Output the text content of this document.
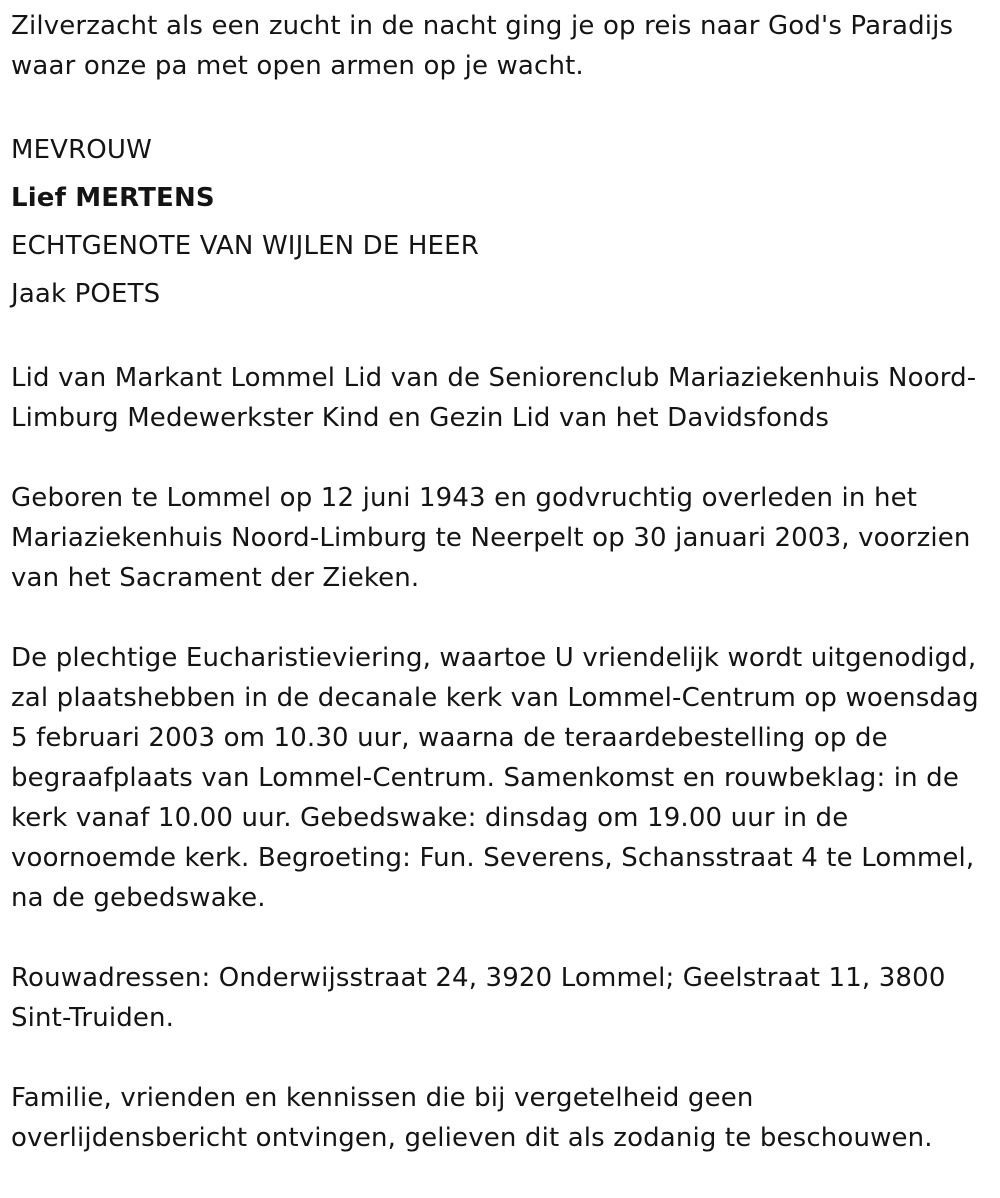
Zilverzacht als een zucht in de nacht ging je op reis naar God's Paradijs
waar onze pa met open armen op je wacht.

MEVROUW
Lief MERTENS
ECHTGENOTE VAN WIJLEN DE HEER
Jaak POETS

Lid van Markant Lommel Lid van de Seniorenclub Mariaziekenhuis Noord-
Limburg Medewerkster Kind en Gezin Lid van het Davidsfonds

Geboren te Lommel op 12 juni 1943 en godvruchtig overleden in het
Mariaziekenhuis Noord-Limburg te Neerpelt op 30 januari 2003, voorzien
van het Sacrament der Zieken.

De plechtige Eucharistieviering, waartoe U vriendelijk wordt uitgenodigd,
zal plaatshebben in de decanale kerk van Lommel-Centrum op woensdag
5 februari 2003 om 10.30 uur, waarna de teraardebestelling op de
begraafplaats van Lommel-Centrum. Samenkomst en rouwbeklag: in de
kerk vanaf 10.00 uur. Gebedswake: dinsdag om 19.00 uur in de
voornoemde kerk. Begroeting: Fun. Severens, Schansstraat 4 te Lommel,
na de gebedswake.

Rouwadressen: Onderwijsstraat 24, 3920 Lommel; Geelstraat 11, 3800
Sint-Truiden.

Familie, vrienden en kennissen die bij vergetelheid geen
overlijdensbericht ontvingen, gelieven dit als zodanig te beschouwen.
